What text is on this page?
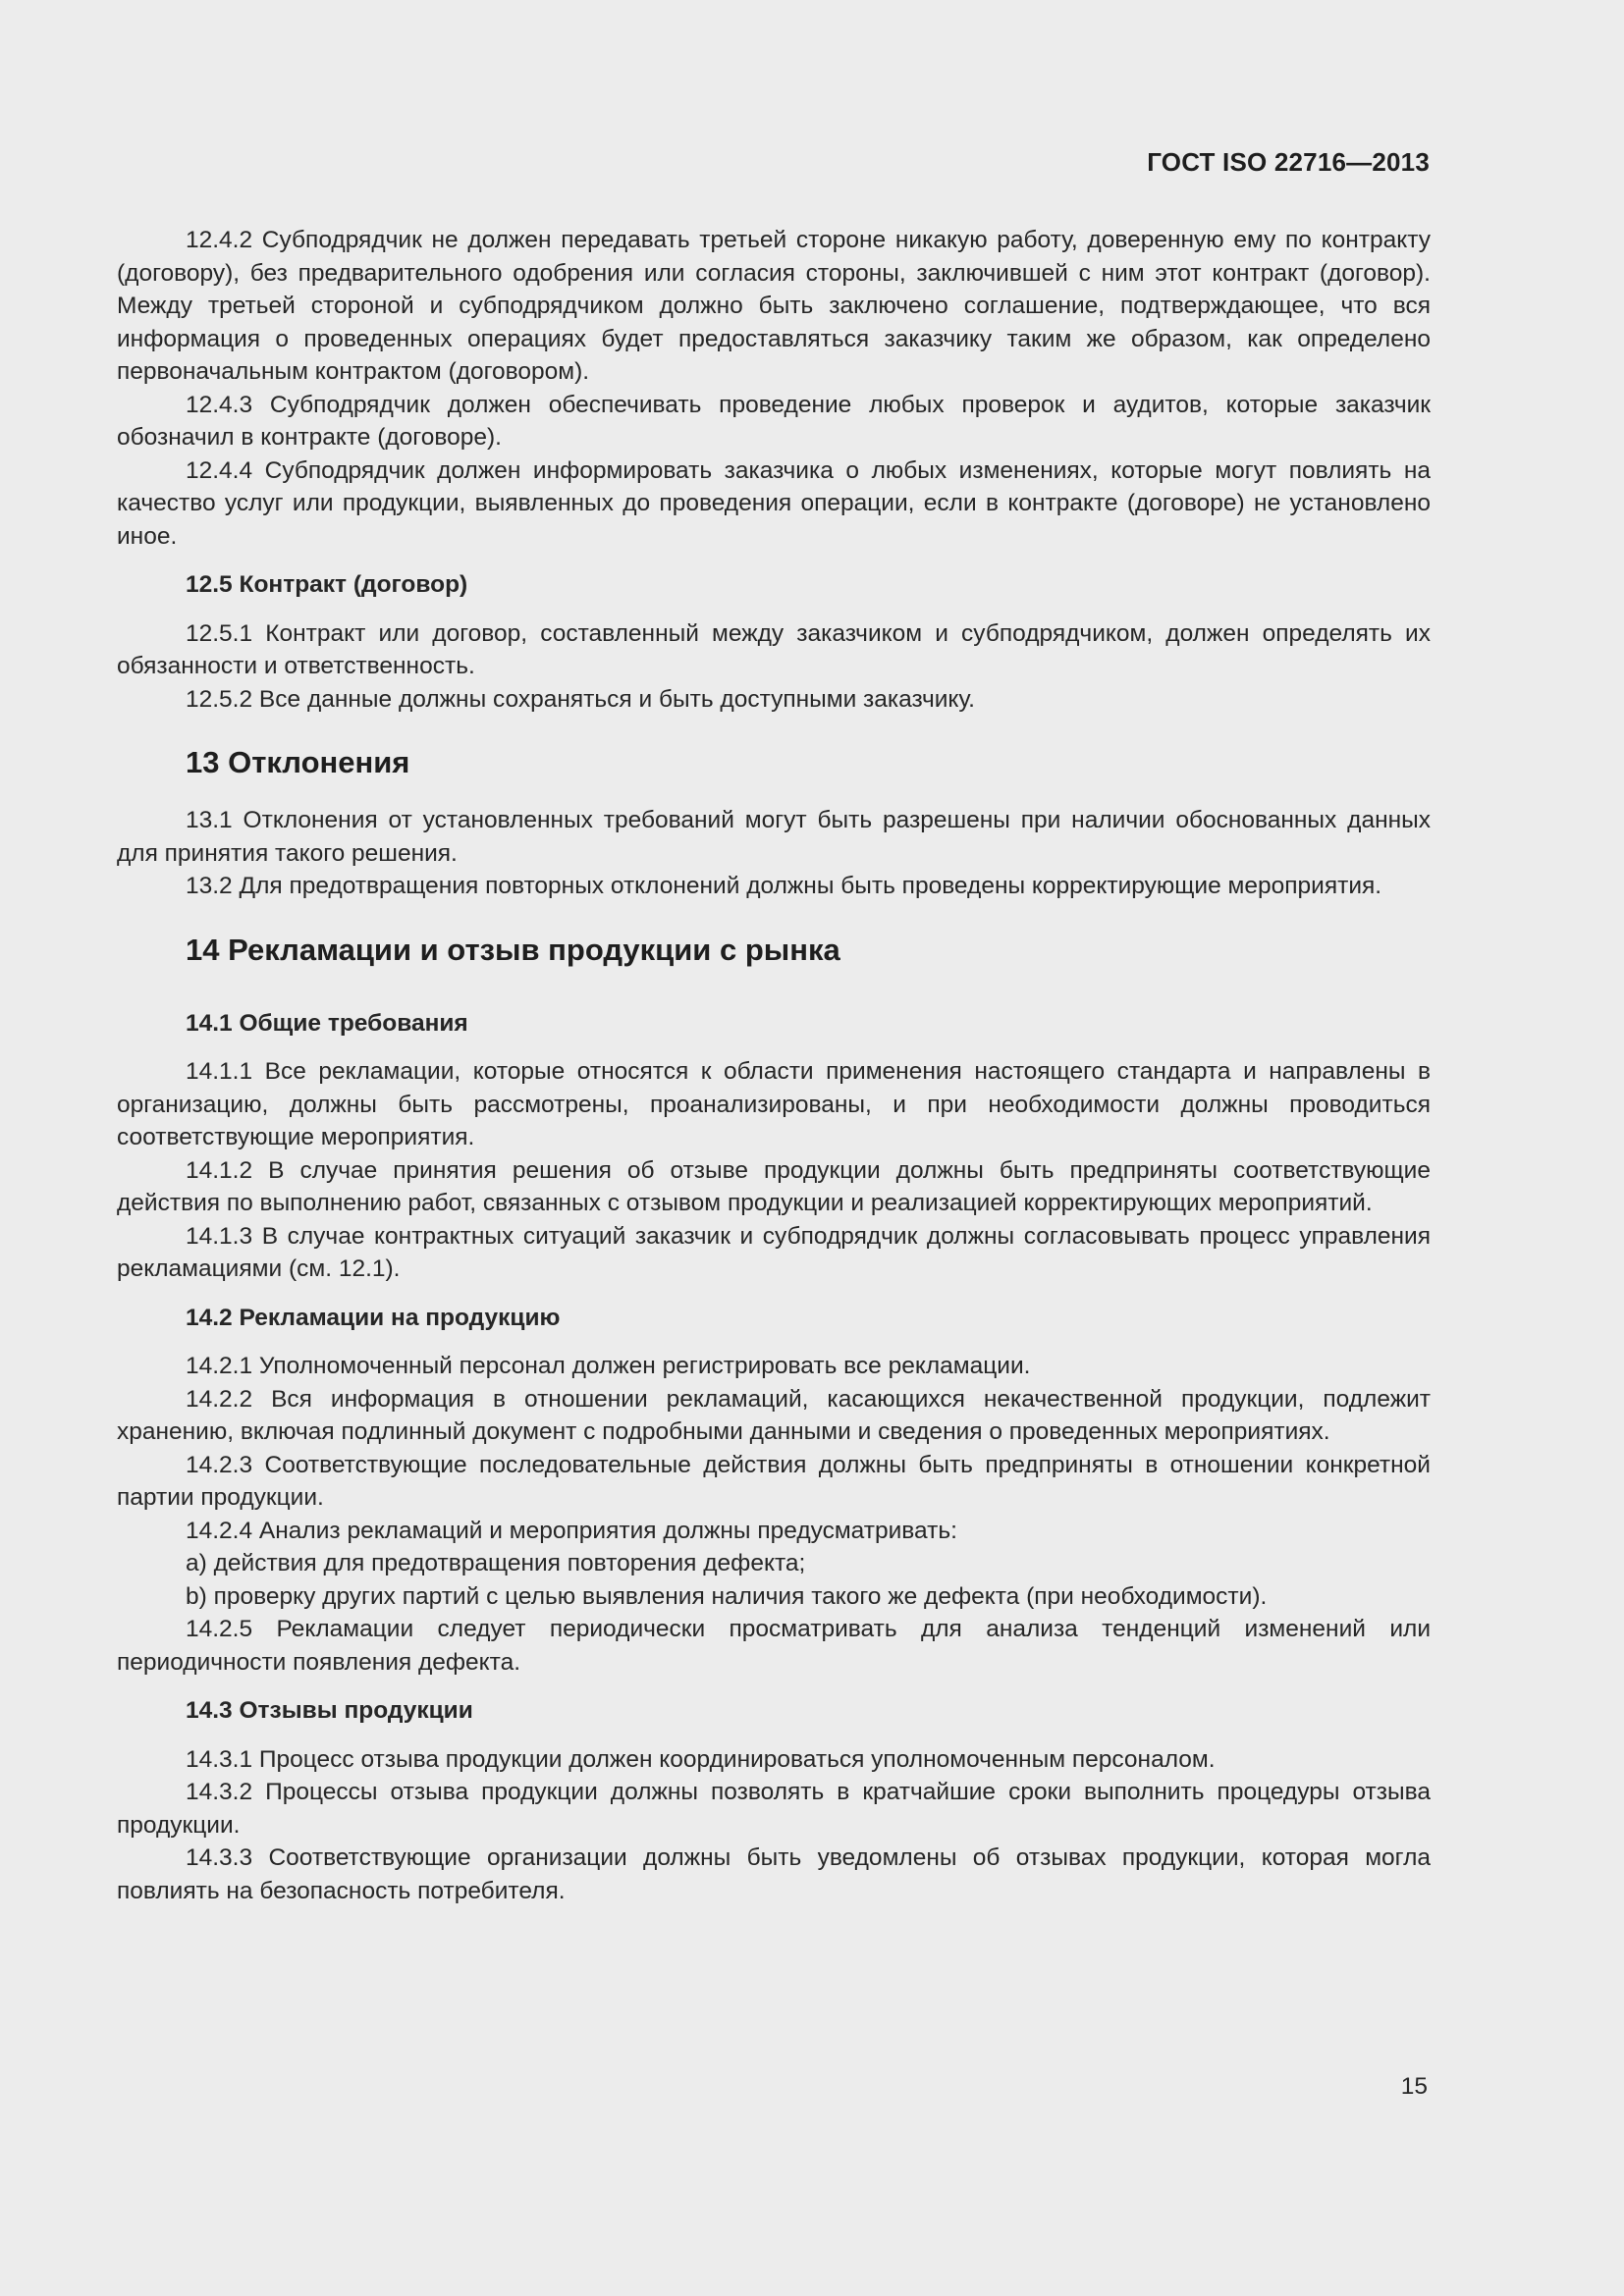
ГОСТ ISO 22716—2013

12.4.2 Субподрядчик не должен передавать третьей стороне никакую работу, доверенную ему по контракту (договору), без предварительного одобрения или согласия стороны, заключившей с ним этот контракт (договор). Между третьей стороной и субподрядчиком должно быть заключено соглашение, подтверждающее, что вся информация о проведенных операциях будет предоставляться заказчику таким же образом, как определено первоначальным контрактом (договором).

12.4.3 Субподрядчик должен обеспечивать проведение любых проверок и аудитов, которые заказчик обозначил в контракте (договоре).

12.4.4 Субподрядчик должен информировать заказчика о любых изменениях, которые могут повлиять на качество услуг или продукции, выявленных до проведения операции, если в контракте (договоре) не установлено иное.

12.5 Контракт (договор)

12.5.1 Контракт или договор, составленный между заказчиком и субподрядчиком, должен определять их обязанности и ответственность.

12.5.2 Все данные должны сохраняться и быть доступными заказчику.

13 Отклонения

13.1 Отклонения от установленных требований могут быть разрешены при наличии обоснованных данных для принятия такого решения.

13.2 Для предотвращения повторных отклонений должны быть проведены корректирующие мероприятия.

14 Рекламации и отзыв продукции с рынка
14.1 Общие требования

14.1.1 Все рекламации, которые относятся к области применения настоящего стандарта и направлены в организацию, должны быть рассмотрены, проанализированы, и при необходимости должны проводиться соответствующие мероприятия.

14.1.2 В случае принятия решения об отзыве продукции должны быть предприняты соответствующие действия по выполнению работ, связанных с отзывом продукции и реализацией корректирующих мероприятий.

14.1.3 В случае контрактных ситуаций заказчик и субподрядчик должны согласовывать процесс управления рекламациями (см. 12.1).

14.2 Рекламации на продукцию

14.2.1 Уполномоченный персонал должен регистрировать все рекламации.

14.2.2 Вся информация в отношении рекламаций, касающихся некачественной продукции, подлежит хранению, включая подлинный документ с подробными данными и сведения о проведенных мероприятиях.

14.2.3 Соответствующие последовательные действия должны быть предприняты в отношении конкретной партии продукции.

14.2.4 Анализ рекламаций и мероприятия должны предусматривать:

a) действия для предотвращения повторения дефекта;

b) проверку других партий с целью выявления наличия такого же дефекта (при необходимости).

14.2.5 Рекламации следует периодически просматривать для анализа тенденций изменений или периодичности появления дефекта.

14.3 Отзывы продукции

14.3.1 Процесс отзыва продукции должен координироваться уполномоченным персоналом.

14.3.2 Процессы отзыва продукции должны позволять в кратчайшие сроки выполнить процедуры отзыва продукции.

14.3.3 Соответствующие организации должны быть уведомлены об отзывах продукции, которая могла повлиять на безопасность потребителя.

15
